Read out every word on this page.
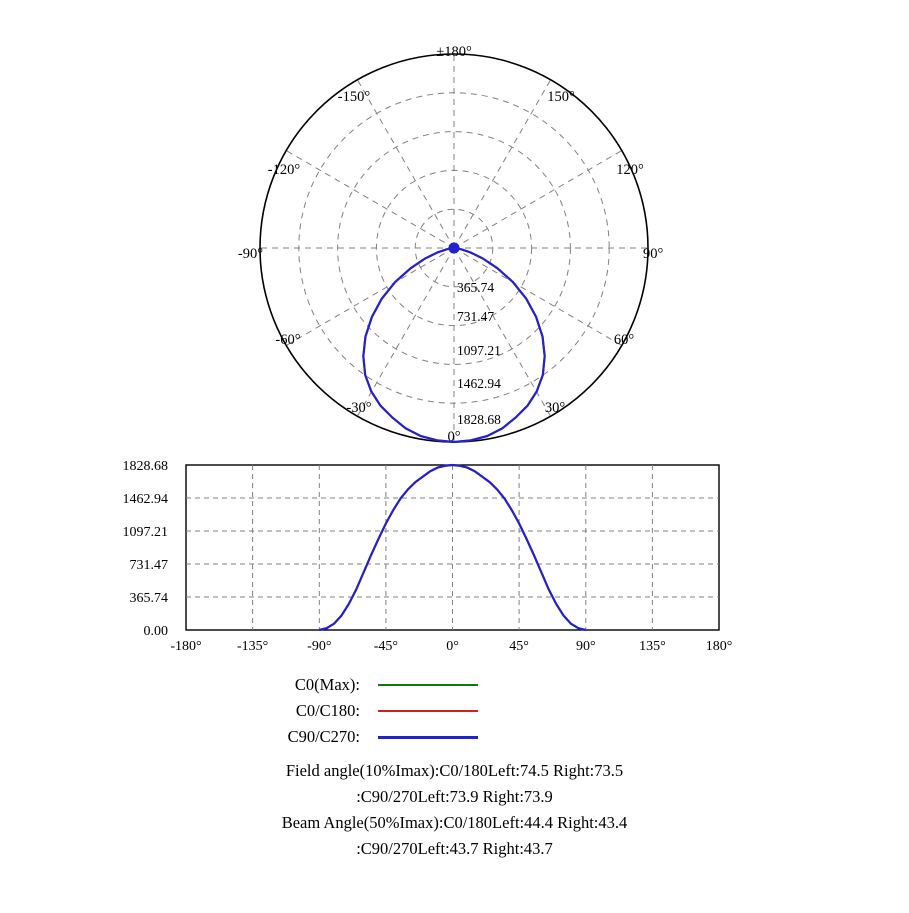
±180°
150°
120°
90°
60°
30°
0°
-30°
-60°
-90°
-120°
-150°
365.74
731.47
1097.21
1462.94
1828.68
1828.68
1462.94
1097.21
731.47
365.74
0.00
-180°	-135°	-90°	-45°	0°	45°	90°	135°	180°
C0(Max):
C0/C180:
C90/C270:
Field angle(10%Imax):C0/180Left:74.5 Right:73.5
:C90/270Left:73.9 Right:73.9
Beam Angle(50%Imax):C0/180Left:44.4 Right:43.4
:C90/270Left:43.7 Right:43.7
